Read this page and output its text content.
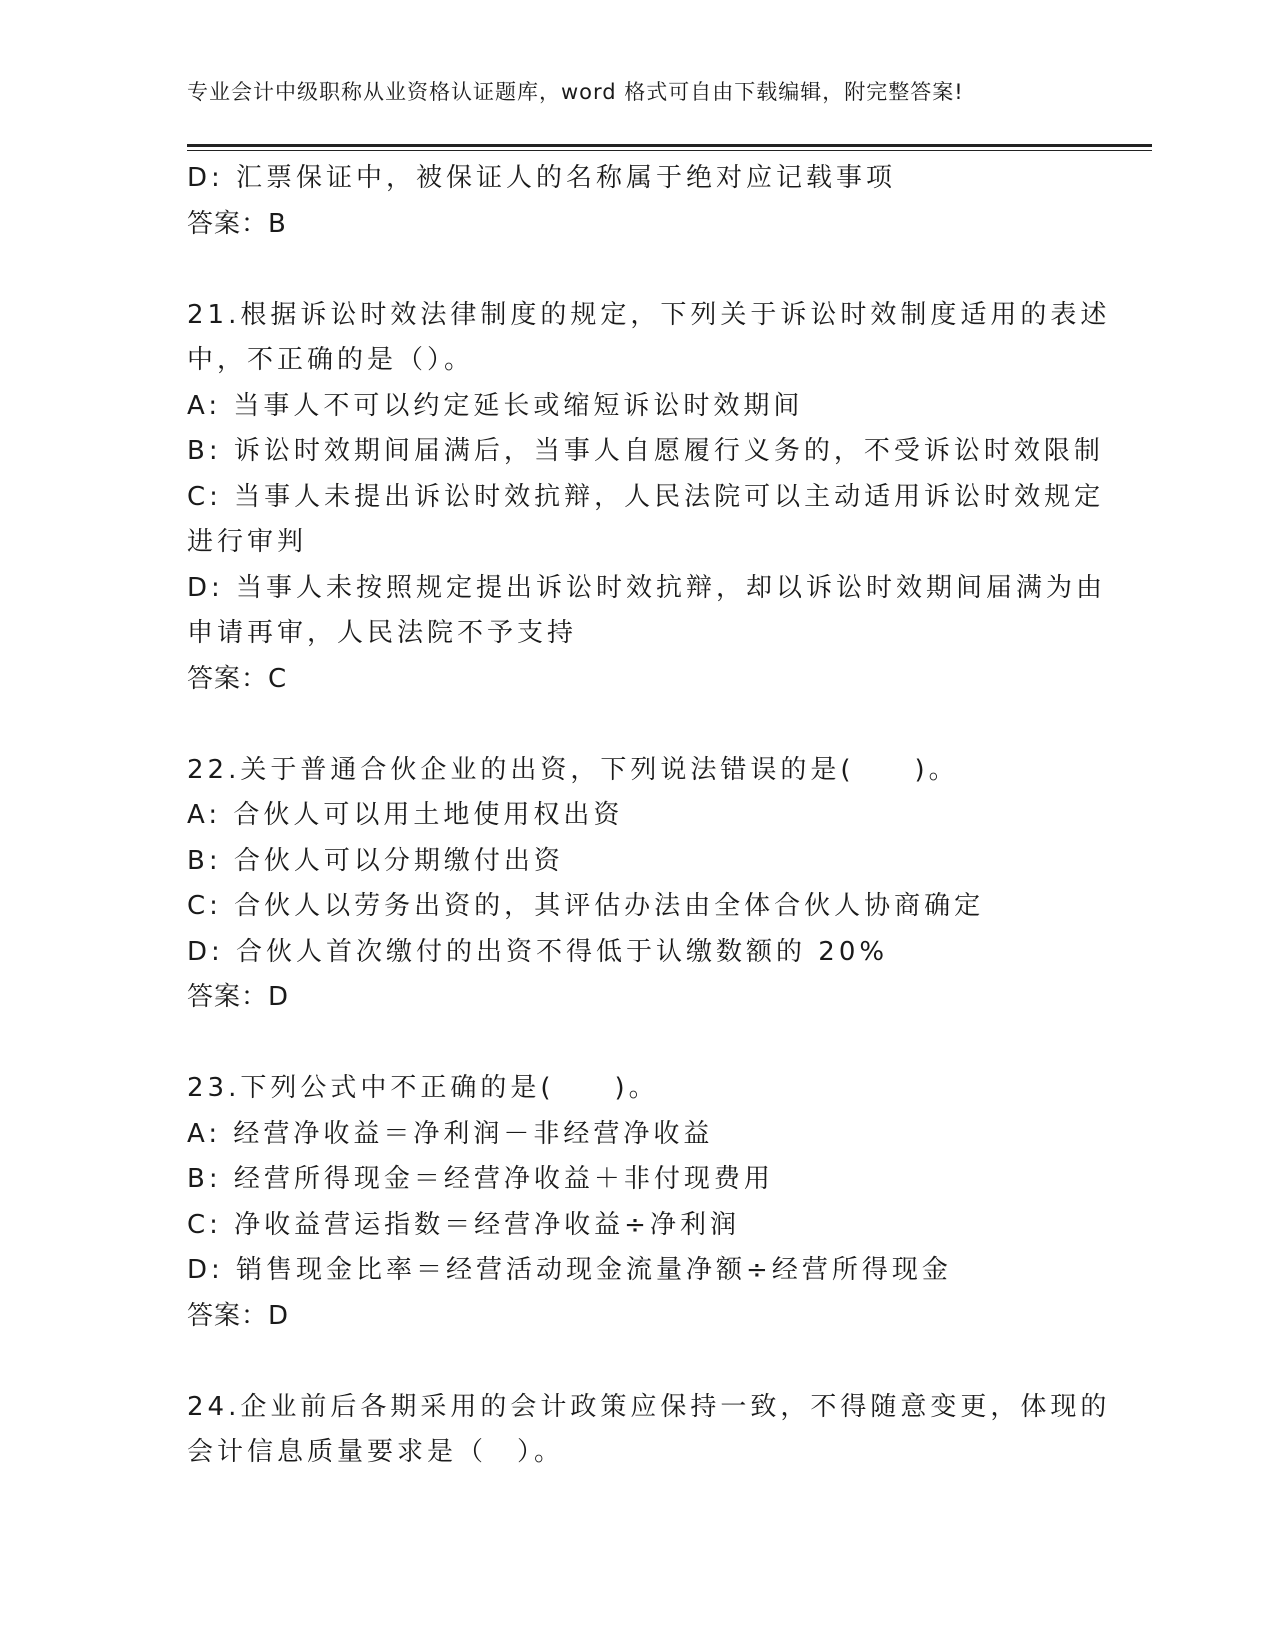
专业会计中级职称从业资格认证题库，word 格式可自由下载编辑，附完整答案!
D: 汇票保证中，被保证人的名称属于绝对应记载事项
答案：B
21.根据诉讼时效法律制度的规定，下列关于诉讼时效制度适用的表述
中，不正确的是（）。
A: 当事人不可以约定延长或缩短诉讼时效期间
B: 诉讼时效期间届满后，当事人自愿履行义务的，不受诉讼时效限制
C: 当事人未提出诉讼时效抗辩，人民法院可以主动适用诉讼时效规定
进行审判
D: 当事人未按照规定提出诉讼时效抗辩，却以诉讼时效期间届满为由
申请再审，人民法院不予支持
答案：C
22.关于普通合伙企业的出资，下列说法错误的是(　　)。
A: 合伙人可以用土地使用权出资
B: 合伙人可以分期缴付出资
C: 合伙人以劳务出资的，其评估办法由全体合伙人协商确定
D: 合伙人首次缴付的出资不得低于认缴数额的 20%
答案：D
23.下列公式中不正确的是(　　)。
A: 经营净收益＝净利润－非经营净收益
B: 经营所得现金＝经营净收益＋非付现费用
C: 净收益营运指数＝经营净收益÷净利润
D: 销售现金比率＝经营活动现金流量净额÷经营所得现金
答案：D
24.企业前后各期采用的会计政策应保持一致，不得随意变更，体现的
会计信息质量要求是（　）。
